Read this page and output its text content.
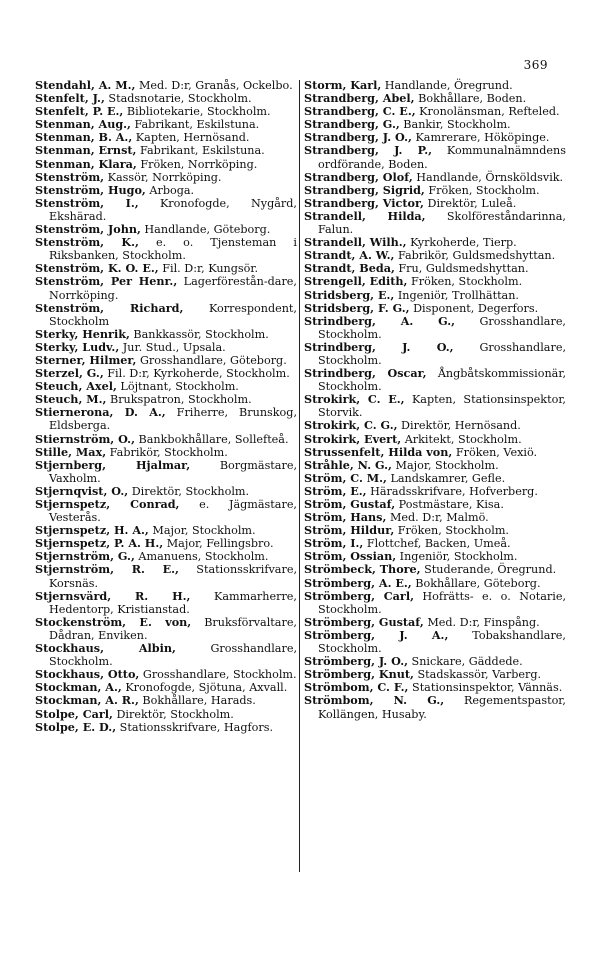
369

Stendahl, A. M., Med. D:r, Granås, Ockelbo.

Stenfelt, J., Stadsnotarie, Stockholm.

Stenfelt, P. E., Bibliotekarie, Stockholm.

Stenman, Aug., Fabrikant, Eskilstuna.

Stenman, B. A., Kapten, Hernösand.

Stenman, Ernst, Fabrikant, Eskilstuna.

Stenman, Klara, Fröken, Norrköping.

Stenström, Kassör, Norrköping.

Stenström, Hugo, Arboga.

Stenström, I., Kronofogde, Nygård, Ekshärad.

Stenström, John, Handlande, Göteborg.

Stenström, K., e. o. Tjensteman i Riksbanken, Stockholm.

Stenström, K. O. E., Fil. D:r, Kungsör.

Stenström, Per Henr., Lagerförestån-dare, Norrköping.

Stenström, Richard, Korrespondent, Stockholm

Sterky, Henrik, Bankkassör, Stockholm.

Sterky, Ludv., Jur. Stud., Upsala.

Sterner, Hilmer, Grosshandlare, Göteborg.

Sterzel, G., Fil. D:r, Kyrkoherde, Stockholm.

Steuch, Axel, Löjtnant, Stockholm.

Steuch, M., Brukspatron, Stockholm.

Stiernerona, D. A., Friherre, Brunskog, Eldsberga.

Stiernström, O., Bankbokhållare, Sollefteå.

Stille, Max, Fabrikör, Stockholm.

Stjernberg, Hjalmar, Borgmästare, Vaxholm.

Stjernqvist, O., Direktör, Stockholm.

Stjernspetz, Conrad, e. Jägmästare, Vesterås.

Stjernspetz, H. A., Major, Stockholm.

Stjernspetz, P. A. H., Major, Fellingsbro.

Stjernström, G., Amanuens, Stockholm.

Stjernström, R. E., Stationsskrifvare, Korsnäs.

Stjernsvärd, R. H., Kammarherre, Hedentorp, Kristianstad.

Stockenström, E. von, Bruksförvaltare, Dådran, Enviken.

Stockhaus, Albin, Grosshandlare, Stockholm.

Stockhaus, Otto, Grosshandlare, Stockholm.

Stockman, A., Kronofogde, Sjötuna, Axvall.

Stockman, A. R., Bokhållare, Harads.

Stolpe, Carl, Direktör, Stockholm.

Stolpe, E. D., Stationsskrifvare, Hagfors.

Storm, Karl, Handlande, Öregrund.

Strandberg, Abel, Bokhållare, Boden.

Strandberg, C. E., Kronolänsman, Refteled.

Strandberg, G., Bankir, Stockholm.

Strandberg, J. O., Kamrerare, Hököpinge.

Strandberg, J. P., Kommunalnämndens ordförande, Boden.

Strandberg, Olof, Handlande, Örnsköldsvik.

Strandberg, Sigrid, Fröken, Stockholm.

Strandberg, Victor, Direktör, Luleå.

Strandell, Hilda, Skolföreståndarinna, Falun.

Strandell, Wilh., Kyrkoherde, Tierp.

Strandt, A. W., Fabrikör, Guldsmedshyttan.

Strandt, Beda, Fru, Guldsmedshyttan.

Strengell, Edith, Fröken, Stockholm.

Stridsberg, E., Ingeniör, Trollhättan.

Stridsberg, F. G., Disponent, Degerfors.

Strindberg, A. G., Grosshandlare, Stockholm.

Strindberg, J. O., Grosshandlare, Stockholm.

Strindberg, Oscar, Ångbåtskommissionär, Stockholm.

Strokirk, C. E., Kapten, Stationsinspektor, Storvik.

Strokirk, C. G., Direktör, Hernösand.

Strokirk, Evert, Arkitekt, Stockholm.

Strussenfelt, Hilda von, Fröken, Vexiö.

Stråhle, N. G., Major, Stockholm.

Ström, C. M., Landskamrer, Gefle.

Ström, E., Häradsskrifvare, Hofverberg.

Ström, Gustaf, Postmästare, Kisa.

Ström, Hans, Med. D:r, Malmö.

Ström, Hildur, Fröken, Stockholm.

Ström, I., Flottchef, Backen, Umeå.

Ström, Ossian, Ingeniör, Stockholm.

Strömbeck, Thore, Studerande, Öregrund.

Strömberg, A. E., Bokhållare, Göteborg.

Strömberg, Carl, Hofrätts- e. o. Notarie, Stockholm.

Strömberg, Gustaf, Med. D:r, Finspång.

Strömberg, J. A., Tobakshandlare, Stockholm.

Strömberg, J. O., Snickare, Gäddede.

Strömberg, Knut, Stadskassör, Varberg.

Strömbom, C. F., Stationsinspektor, Vännäs.

Strömbom, N. G., Regementspastor, Kollängen, Husaby.
